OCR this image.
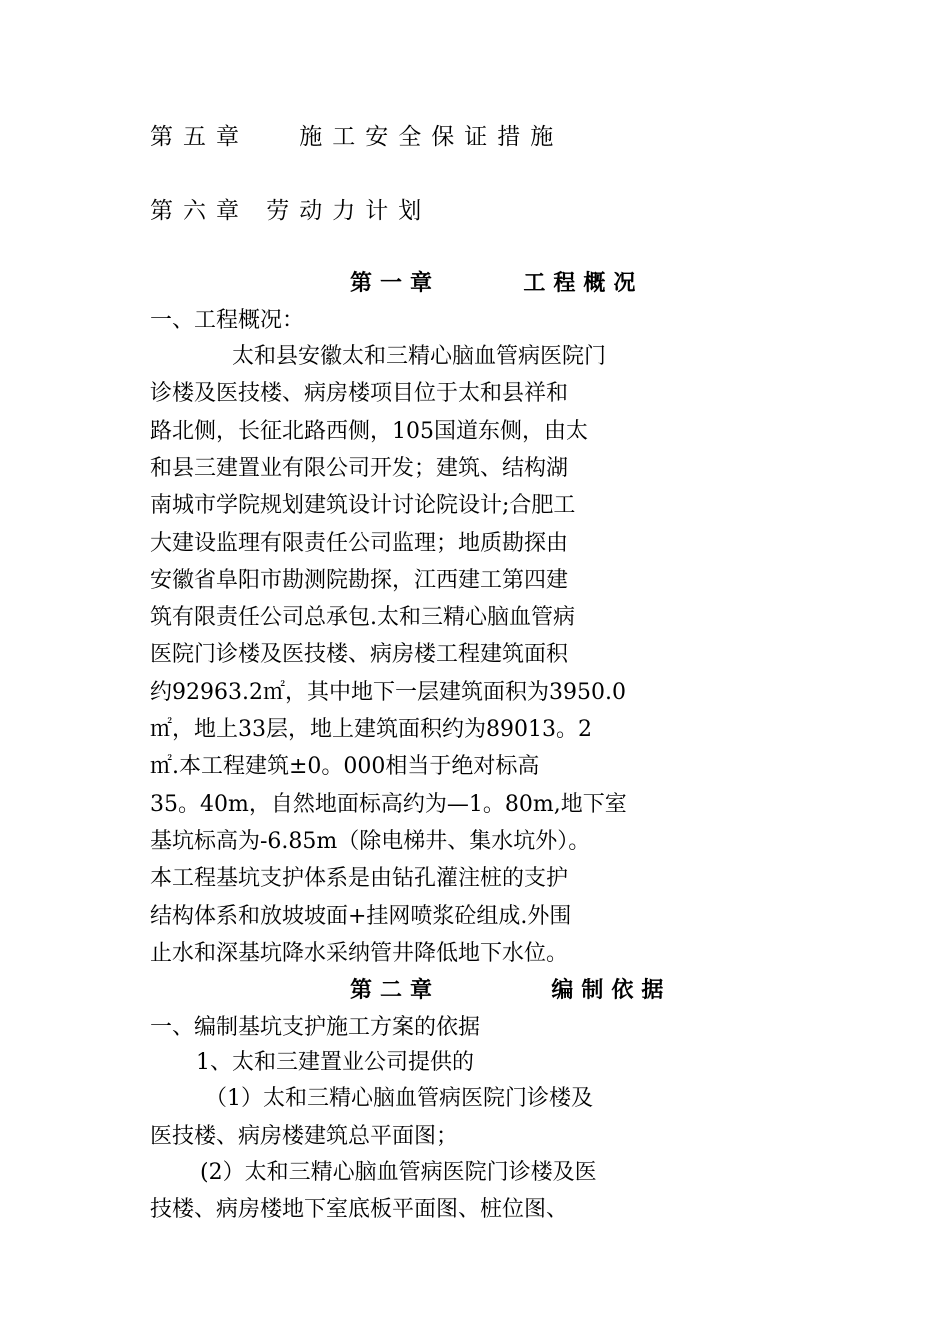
第五章　 施工安全保证措施
第六章 劳动力计划
第一章	工程概况
一、工程概况：
太和县安徽太和三精心脑血管病医院门
诊楼及医技楼、病房楼项目位于太和县祥和
路北侧，长征北路西侧，105国道东侧，由太
和县三建置业有限公司开发；建筑、结构湖
南城市学院规划建筑设计讨论院设计;合肥工
大建设监理有限责任公司监理；地质勘探由
安徽省阜阳市勘测院勘探，江西建工第四建
筑有限责任公司总承包.太和三精心脑血管病
医院门诊楼及医技楼、病房楼工程建筑面积
约92963.2㎡，其中地下一层建筑面积为3950.0
㎡，地上33层，地上建筑面积约为89013。2
㎡.本工程建筑±0。000相当于绝对标高
35。40m，自然地面标高约为—1。80m,地下室
基坑标高为-6.85m（除电梯井、集水坑外）。
本工程基坑支护体系是由钻孔灌注桩的支护
结构体系和放坡坡面+挂网喷浆砼组成.外围
止水和深基坑降水采纳管井降低地下水位。
第二章	编制依据
一、编制基坑支护施工方案的依据
1、太和三建置业公司提供的
（1）太和三精心脑血管病医院门诊楼及
医技楼、病房楼建筑总平面图；
(2）太和三精心脑血管病医院门诊楼及医
技楼、病房楼地下室底板平面图、桩位图、
